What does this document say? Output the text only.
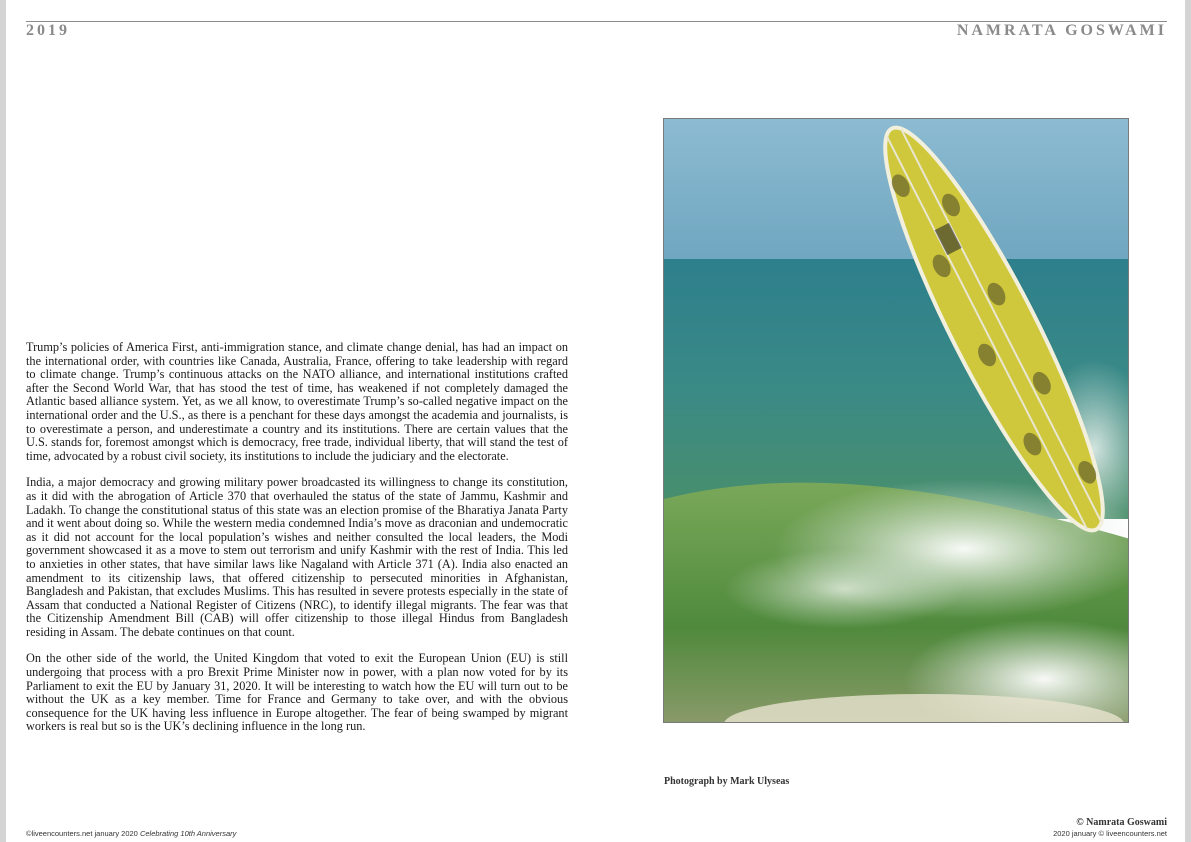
2019	NAMRATA GOSWAMI

Trump’s policies of America First, anti-immigration stance, and climate change denial, has had an impact on the international order, with countries like Canada, Australia, France, offering to take leadership with regard to climate change. Trump’s continuous attacks on the NATO alliance, and international institutions crafted after the Second World War, that has stood the test of time, has weakened if not completely damaged the Atlantic based alliance system. Yet, as we all know, to overestimate Trump’s so-called negative impact on the international order and the U.S., as there is a penchant for these days amongst the academia and journalists, is to overestimate a person, and underestimate a country and its institutions. There are certain values that the U.S. stands for, foremost amongst which is democracy, free trade, individual liberty, that will stand the test of time, advocated by a robust civil society, its institutions to include the judiciary and the electorate.

India, a major democracy and growing military power broadcasted its willingness to change its constitution, as it did with the abrogation of Article 370 that overhauled the status of the state of Jammu, Kashmir and Ladakh. To change the constitutional status of this state was an election promise of the Bharatiya Janata Party and it went about doing so. While the western media condemned India’s move as draconian and undemocratic as it did not account for the local population’s wishes and neither consulted the local leaders, the Modi government showcased it as a move to stem out terrorism and unify Kashmir with the rest of India. This led to anxieties in other states, that have similar laws like Nagaland with Article 371 (A). India also enacted an amendment to its citizenship laws, that offered citizenship to persecuted minorities in Afghanistan, Bangladesh and Pakistan, that excludes Muslims. This has resulted in severe protests especially in the state of Assam that conducted a National Register of Citizens (NRC), to identify illegal migrants. The fear was that the Citizenship Amendment Bill (CAB) will offer citizenship to those illegal Hindus from Bangladesh residing in Assam. The debate continues on that count.

On the other side of the world, the United Kingdom that voted to exit the European Union (EU) is still undergoing that process with a pro Brexit Prime Minister now in power, with a plan now voted for by its Parliament to exit the EU by January 31, 2020. It will be interesting to watch how the EU will turn out to be without the UK as a key member. Time for France and Germany to take over, and with the obvious consequence for the UK having less influence in Europe altogether. The fear of being swamped by migrant workers is real but so is the UK’s declining influence in the long run.

Photograph by Mark Ulyseas
© Namrata Goswami
2020 january © liveencounters.net
©liveencounters.net january 2020 Celebrating 10th Anniversary
